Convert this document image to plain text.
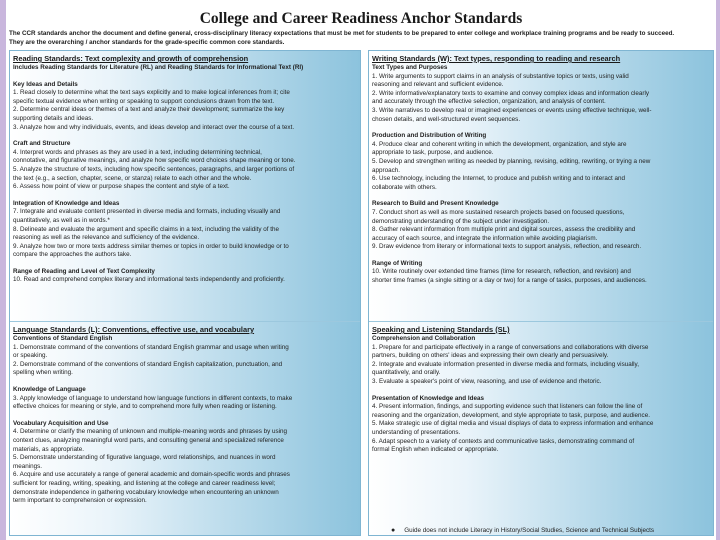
College and Career Readiness Anchor Standards
The CCR standards anchor the document and define general, cross-disciplinary literacy expectations that must be met for students to be prepared to enter college and workplace training programs and be ready to succeed.
They are the overarching / anchor standards for the grade-specific common core standards.
Reading Standards: Text complexity and growth of comprehension
Includes Reading Standards for Literature (RL) and Reading Standards for Informational Text (RI)
Key Ideas and Details
1. Read closely to determine what the text says explicitly and to make logical inferences from it; cite
specific textual evidence when writing or speaking to support conclusions drawn from the text.
2. Determine central ideas or themes of a text and analyze their development; summarize the key
supporting details and ideas.
3. Analyze how and why individuals, events, and ideas develop and interact over the course of a text.
Craft and Structure
4. Interpret words and phrases as they are used in a text, including determining technical,
connotative, and figurative meanings, and analyze how specific word choices shape meaning or tone.
5. Analyze the structure of texts, including how specific sentences, paragraphs, and larger portions of
the text (e.g., a section, chapter, scene, or stanza) relate to each other and the whole.
6. Assess how point of view or purpose shapes the content and style of a text.
Integration of Knowledge and Ideas
7. Integrate and evaluate content presented in diverse media and formats, including visually and
quantitatively, as well as in words.*
8. Delineate and evaluate the argument and specific claims in a text, including the validity of the
reasoning as well as the relevance and sufficiency of the evidence.
9. Analyze how two or more texts address similar themes or topics in order to build knowledge or to
compare the approaches the authors take.
Range of Reading and Level of Text Complexity
10. Read and comprehend complex literary and informational texts independently and proficiently.
Language Standards (L): Conventions, effective use, and vocabulary
Conventions of Standard English
1. Demonstrate command of the conventions of standard English grammar and usage when writing
or speaking.
2. Demonstrate command of the conventions of standard English capitalization, punctuation, and
spelling when writing.
Knowledge of Language
3. Apply knowledge of language to understand how language functions in different contexts, to make
effective choices for meaning or style, and to comprehend more fully when reading or listening.
Vocabulary Acquisition and Use
4. Determine or clarify the meaning of unknown and multiple-meaning words and phrases by using
context clues, analyzing meaningful word parts, and consulting general and specialized reference
materials, as appropriate.
5. Demonstrate understanding of figurative language, word relationships, and nuances in word
meanings.
6. Acquire and use accurately a range of general academic and domain-specific words and phrases
sufficient for reading, writing, speaking, and listening at the college and career readiness level;
demonstrate independence in gathering vocabulary knowledge when encountering an unknown
term important to comprehension or expression.
Writing Standards (W): Text types, responding to reading and research
Text Types and Purposes
1. Write arguments to support claims in an analysis of substantive topics or texts, using valid
reasoning and relevant and sufficient evidence.
2. Write informative/explanatory texts to examine and convey complex ideas and information clearly
and accurately through the effective selection, organization, and analysis of content.
3. Write narratives to develop real or imagined experiences or events using effective technique, well-
chosen details, and well-structured event sequences.
Production and Distribution of Writing
4. Produce clear and coherent writing in which the development, organization, and style are
appropriate to task, purpose, and audience.
5. Develop and strengthen writing as needed by planning, revising, editing, rewriting, or trying a new
approach.
6. Use technology, including the Internet, to produce and publish writing and to interact and
collaborate with others.
Research to Build and Present Knowledge
7. Conduct short as well as more sustained research projects based on focused questions,
demonstrating understanding of the subject under investigation.
8. Gather relevant information from multiple print and digital sources, assess the credibility and
accuracy of each source, and integrate the information while avoiding plagiarism.
9. Draw evidence from literary or informational texts to support analysis, reflection, and research.
Range of Writing
10. Write routinely over extended time frames (time for research, reflection, and revision) and
shorter time frames (a single sitting or a day or two) for a range of tasks, purposes, and audiences.
Speaking and Listening Standards (SL)
Comprehension and Collaboration
1. Prepare for and participate effectively in a range of conversations and collaborations with diverse
partners, building on others' ideas and expressing their own clearly and persuasively.
2. Integrate and evaluate information presented in diverse media and formats, including visually,
quantitatively, and orally.
3. Evaluate a speaker's point of view, reasoning, and use of evidence and rhetoric.
Presentation of Knowledge and Ideas
4. Present information, findings, and supporting evidence such that listeners can follow the line of
reasoning and the organization, development, and style appropriate to task, purpose, and audience.
5. Make strategic use of digital media and visual displays of data to express information and enhance
understanding of presentations.
6. Adapt speech to a variety of contexts and communicative tasks, demonstrating command of
formal English when indicated or appropriate.
● Guide does not include Literacy in History/Social Studies, Science and Technical Subjects
